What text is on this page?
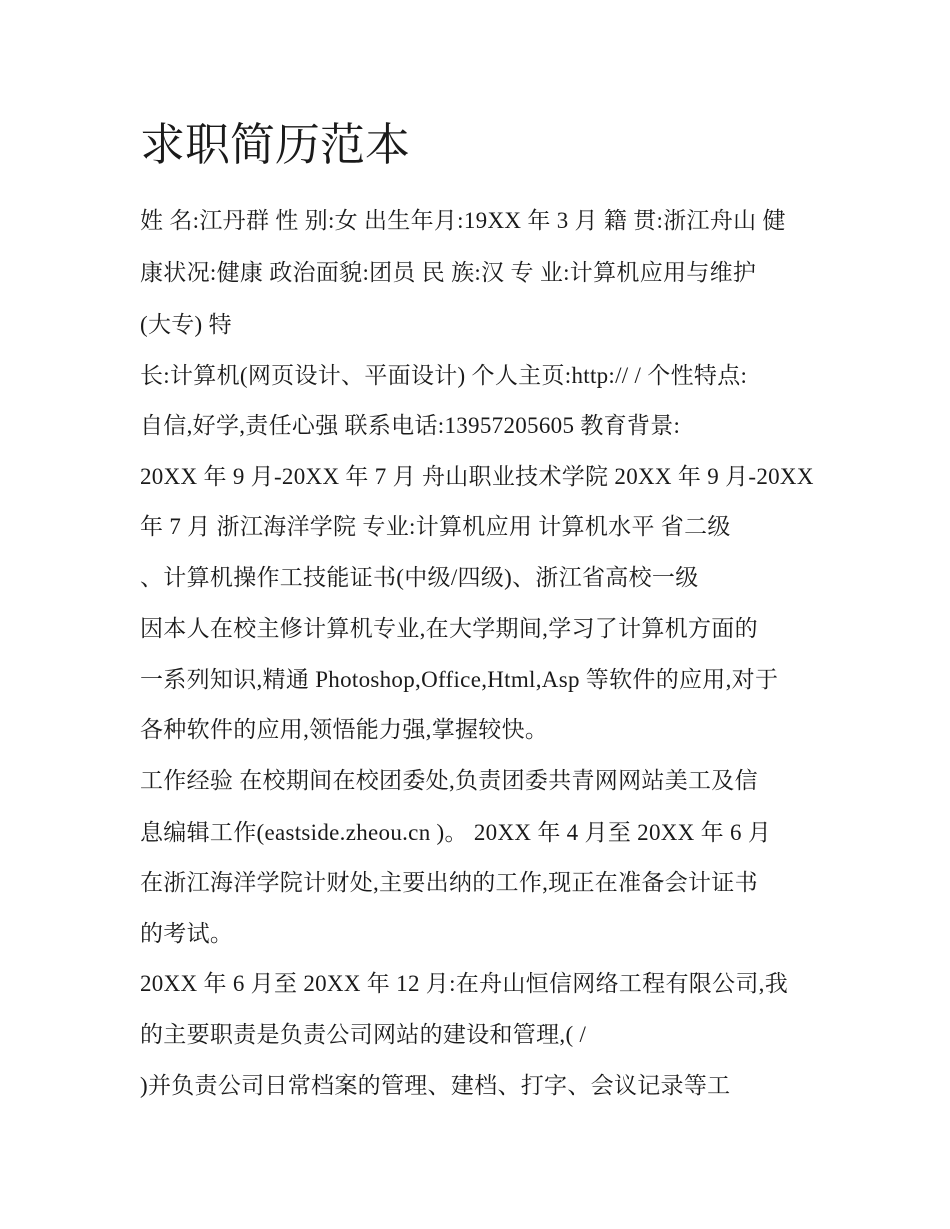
求职简历范本
姓 名:江丹群 性 别:女 出生年月:19XX 年 3 月 籍 贯:浙江舟山 健
康状况:健康 政治面貌:团员 民 族:汉 专 业:计算机应用与维护
(大专) 特
长:计算机(网页设计、平面设计) 个人主页:http:// / 个性特点:
自信,好学,责任心强 联系电话:13957205605 教育背景:
20XX 年 9 月-20XX 年 7 月 舟山职业技术学院 20XX 年 9 月-20XX
年 7 月 浙江海洋学院 专业:计算机应用 计算机水平 省二级
、计算机操作工技能证书(中级/四级)、浙江省高校一级
因本人在校主修计算机专业,在大学期间,学习了计算机方面的
一系列知识,精通 Photoshop,Office,Html,Asp 等软件的应用,对于
各种软件的应用,领悟能力强,掌握较快。
工作经验 在校期间在校团委处,负责团委共青网网站美工及信
息编辑工作(eastside.zheou.cn )。 20XX 年 4 月至 20XX 年 6 月
在浙江海洋学院计财处,主要出纳的工作,现正在准备会计证书
的考试。
20XX 年 6 月至 20XX 年 12 月:在舟山恒信网络工程有限公司,我
的主要职责是负责公司网站的建设和管理,( /
)并负责公司日常档案的管理、建档、打字、会议记录等工
